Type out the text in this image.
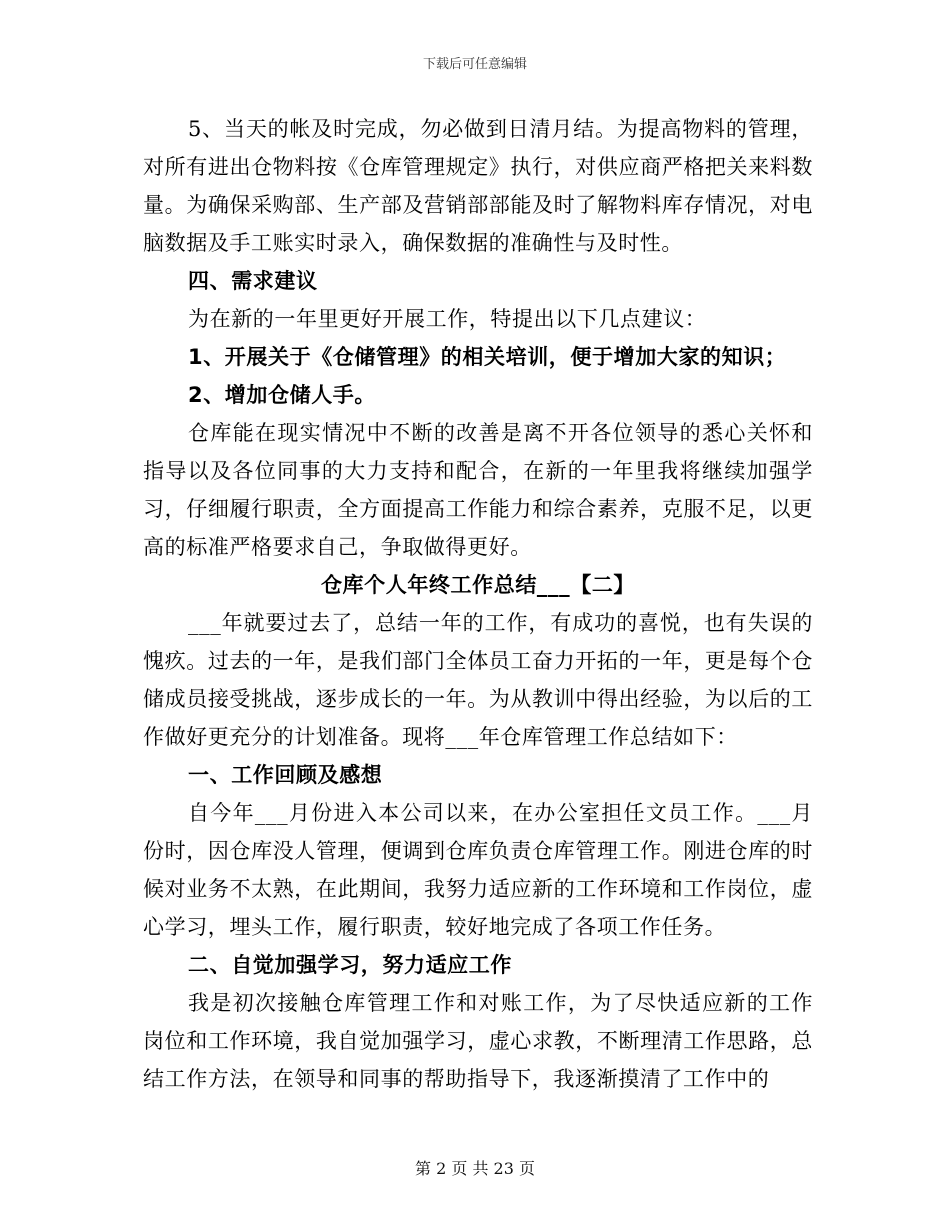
下载后可任意编辑

5、当天的帐及时完成，勿必做到日清月结。为提高物料的管理，对所有进出仓物料按《仓库管理规定》执行，对供应商严格把关来料数量。为确保采购部、生产部及营销部部能及时了解物料库存情况，对电脑数据及手工账实时录入，确保数据的准确性与及时性。

四、需求建议

为在新的一年里更好开展工作，特提出以下几点建议：

1、开展关于《仓储管理》的相关培训，便于增加大家的知识；

2、增加仓储人手。

仓库能在现实情况中不断的改善是离不开各位领导的悉心关怀和指导以及各位同事的大力支持和配合，在新的一年里我将继续加强学习，仔细履行职责，全方面提高工作能力和综合素养，克服不足，以更高的标准严格要求自己，争取做得更好。

仓库个人年终工作总结___【二】

___年就要过去了，总结一年的工作，有成功的喜悦，也有失误的愧疚。过去的一年，是我们部门全体员工奋力开拓的一年，更是每个仓储成员接受挑战，逐步成长的一年。为从教训中得出经验，为以后的工作做好更充分的计划准备。现将___年仓库管理工作总结如下：

一、工作回顾及感想

自今年___月份进入本公司以来，在办公室担任文员工作。___月份时，因仓库没人管理，便调到仓库负责仓库管理工作。刚进仓库的时候对业务不太熟，在此期间，我努力适应新的工作环境和工作岗位，虚心学习，埋头工作，履行职责，较好地完成了各项工作任务。

二、自觉加强学习，努力适应工作

我是初次接触仓库管理工作和对账工作，为了尽快适应新的工作岗位和工作环境，我自觉加强学习，虚心求教，不断理清工作思路，总结工作方法，在领导和同事的帮助指导下，我逐渐摸清了工作中的

第 2 页 共 23 页
